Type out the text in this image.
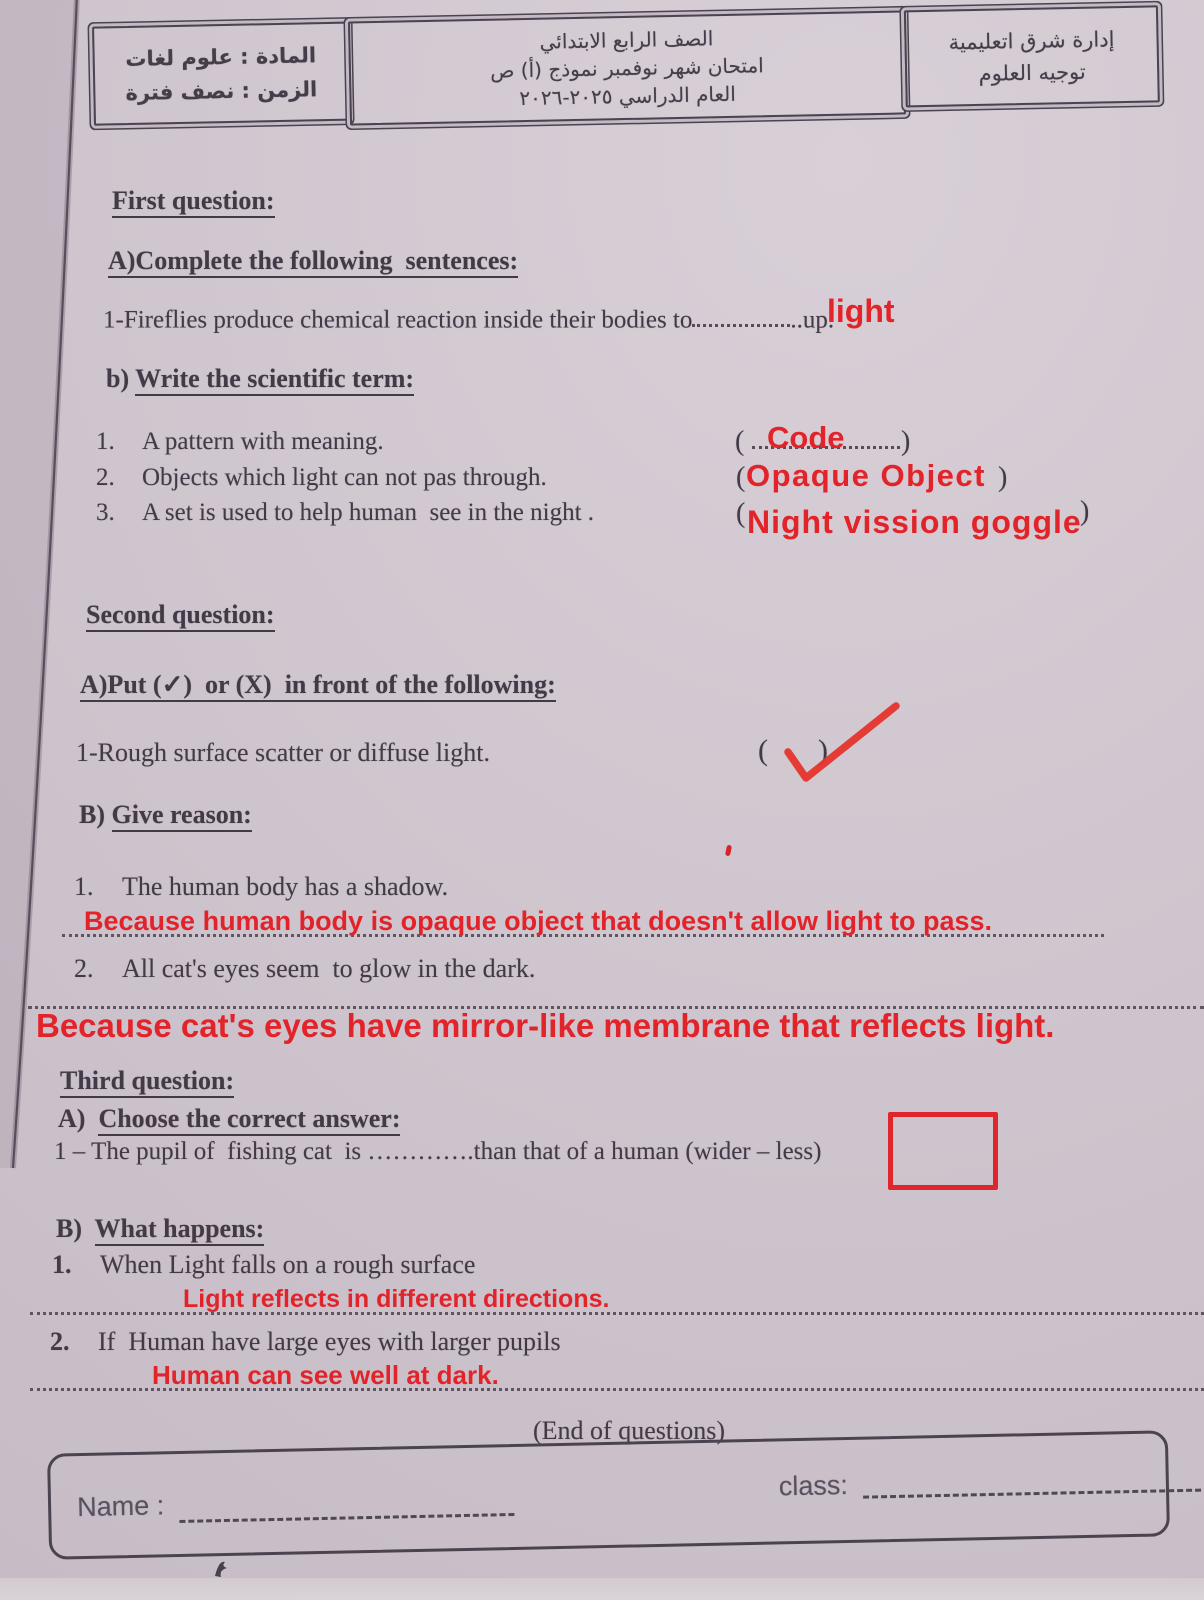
المادة : علوم لغات
الزمن : نصف فترة
الصف الرابع الابتدائي
امتحان شهر نوفمبر نموذج (أ) ص
العام الدراسي ٢٠٢٥-٢٠٢٦
إدارة شرق اتعليمية
توجيه العلوم
First question:
A)Complete the following  sentences:
1-Fireflies produce chemical reaction inside their bodies to	..up.
light
b) Write the scientific term:
1.	A pattern with meaning.	(	)
Code
2.	Objects which light can not pas through.	(	)
Opaque Object
3.	A set is used to help human  see in the night .	(	)
Night vission goggle
Second question:
A)Put (✓)  or (X)  in front of the following:
1-Rough surface scatter or diffuse light.	( )
B) Give reason:
1.	The human body has a shadow.
Because human body is opaque object that doesn't allow light to pass.
2.	All cat's eyes seem  to glow in the dark.
Because cat's eyes have mirror-like membrane that reflects light.
Third question:
A)  Choose the correct answer:
1 – The pupil of  fishing cat  is ………….than that of a human (wider – less)
B)  What happens:
1.	When Light falls on a rough surface
Light reflects in different directions.
2.	If  Human have large eyes with larger pupils
Human can see well at dark.
(End of questions)
Name :
class:
